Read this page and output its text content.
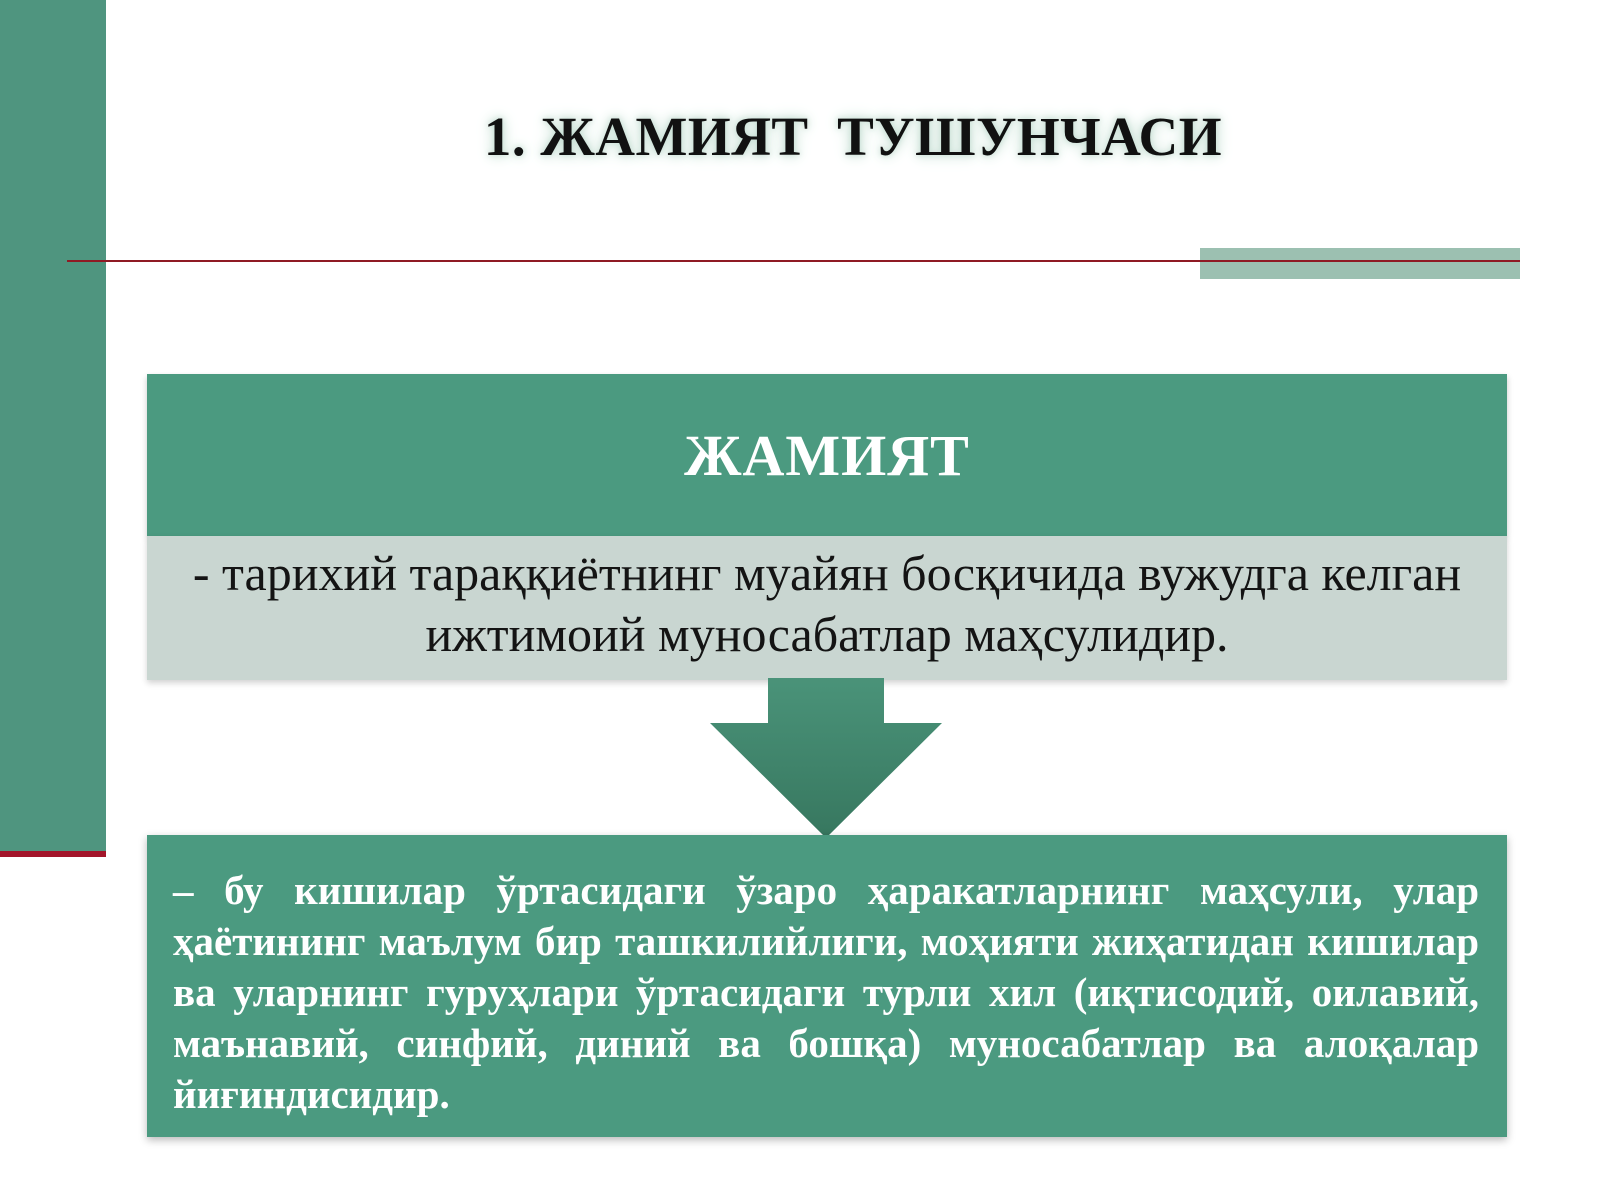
1. ЖАМИЯТ  ТУШУНЧАСИ
ЖАМИЯТ
- тарихий тараққиётнинг муайян босқичида вужудга келган ижтимоий муносабатлар маҳсулидир.

– бу кишилар ўртасидаги ўзаро ҳаракатларнинг маҳсули, улар ҳаётининг маълум бир ташкилийлиги, моҳияти жиҳатидан кишилар ва уларнинг гуруҳлари ўртасидаги турли хил (иқтисодий, оилавий, маънавий, синфий, диний ва бошқа) муносабатлар ва алоқалар йиғиндисидир.
